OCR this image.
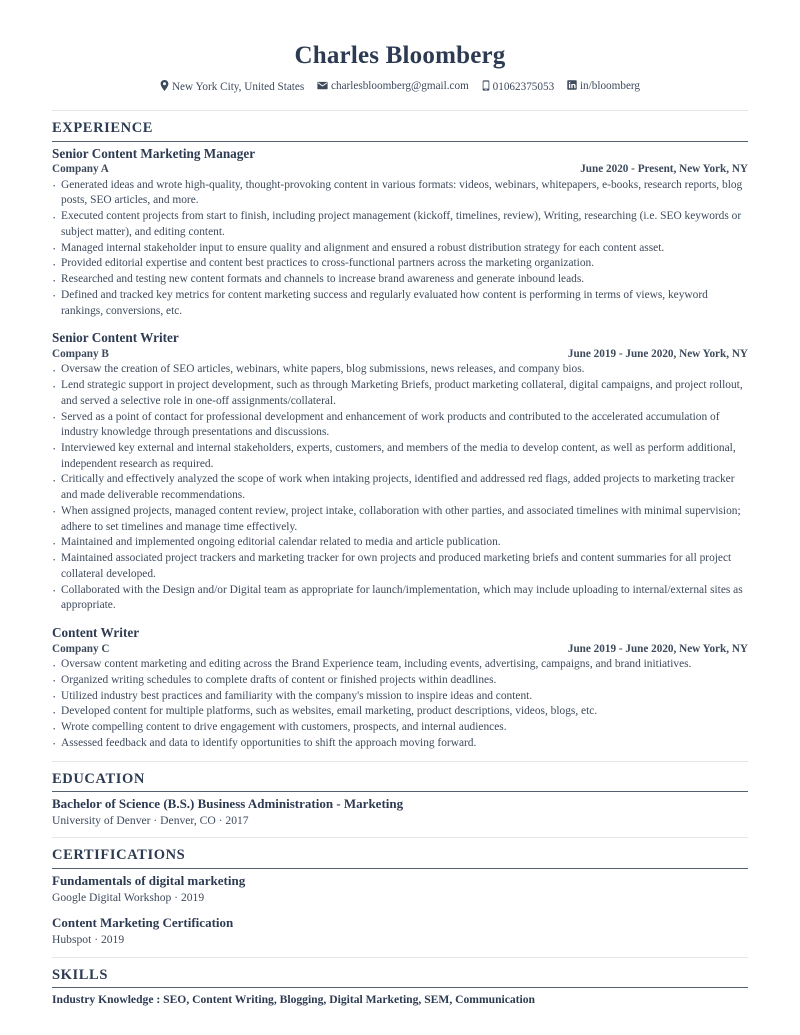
Charles Bloomberg
New York City, United States charlesbloomberg@gmail.com 01062375053 in/bloomberg
EXPERIENCE
Senior Content Marketing Manager
Company A	June 2020 - Present, New York, NY
· Generated ideas and wrote high-quality, thought-provoking content in various formats: videos, webinars, whitepapers, e-books, research reports, blog posts, SEO articles, and more.
· Executed content projects from start to finish, including project management (kickoff, timelines, review), Writing, researching (i.e. SEO keywords or subject matter), and editing content.
· Managed internal stakeholder input to ensure quality and alignment and ensured a robust distribution strategy for each content asset.
· Provided editorial expertise and content best practices to cross-functional partners across the marketing organization.
· Researched and testing new content formats and channels to increase brand awareness and generate inbound leads.
· Defined and tracked key metrics for content marketing success and regularly evaluated how content is performing in terms of views, keyword rankings, conversions, etc.
Senior Content Writer
Company B	June 2019 - June 2020, New York, NY
· Oversaw the creation of SEO articles, webinars, white papers, blog submissions, news releases, and company bios.
· Lend strategic support in project development, such as through Marketing Briefs, product marketing collateral, digital campaigns, and project rollout, and served a selective role in one-off assignments/collateral.
· Served as a point of contact for professional development and enhancement of work products and contributed to the accelerated accumulation of industry knowledge through presentations and discussions.
· Interviewed key external and internal stakeholders, experts, customers, and members of the media to develop content, as well as perform additional, independent research as required.
· Critically and effectively analyzed the scope of work when intaking projects, identified and addressed red flags, added projects to marketing tracker and made deliverable recommendations.
· When assigned projects, managed content review, project intake, collaboration with other parties, and associated timelines with minimal supervision; adhere to set timelines and manage time effectively.
· Maintained and implemented ongoing editorial calendar related to media and article publication.
· Maintained associated project trackers and marketing tracker for own projects and produced marketing briefs and content summaries for all project collateral developed.
· Collaborated with the Design and/or Digital team as appropriate for launch/implementation, which may include uploading to internal/external sites as appropriate.
Content Writer
Company C	June 2019 - June 2020, New York, NY
· Oversaw content marketing and editing across the Brand Experience team, including events, advertising, campaigns, and brand initiatives.
· Organized writing schedules to complete drafts of content or finished projects within deadlines.
· Utilized industry best practices and familiarity with the company's mission to inspire ideas and content.
· Developed content for multiple platforms, such as websites, email marketing, product descriptions, videos, blogs, etc.
· Wrote compelling content to drive engagement with customers, prospects, and internal audiences.
· Assessed feedback and data to identify opportunities to shift the approach moving forward.
EDUCATION
Bachelor of Science (B.S.) Business Administration - Marketing
University of Denver · Denver, CO · 2017
CERTIFICATIONS
Fundamentals of digital marketing
Google Digital Workshop · 2019
Content Marketing Certification
Hubspot · 2019
SKILLS
Industry Knowledge : SEO, Content Writing, Blogging, Digital Marketing, SEM, Communication
